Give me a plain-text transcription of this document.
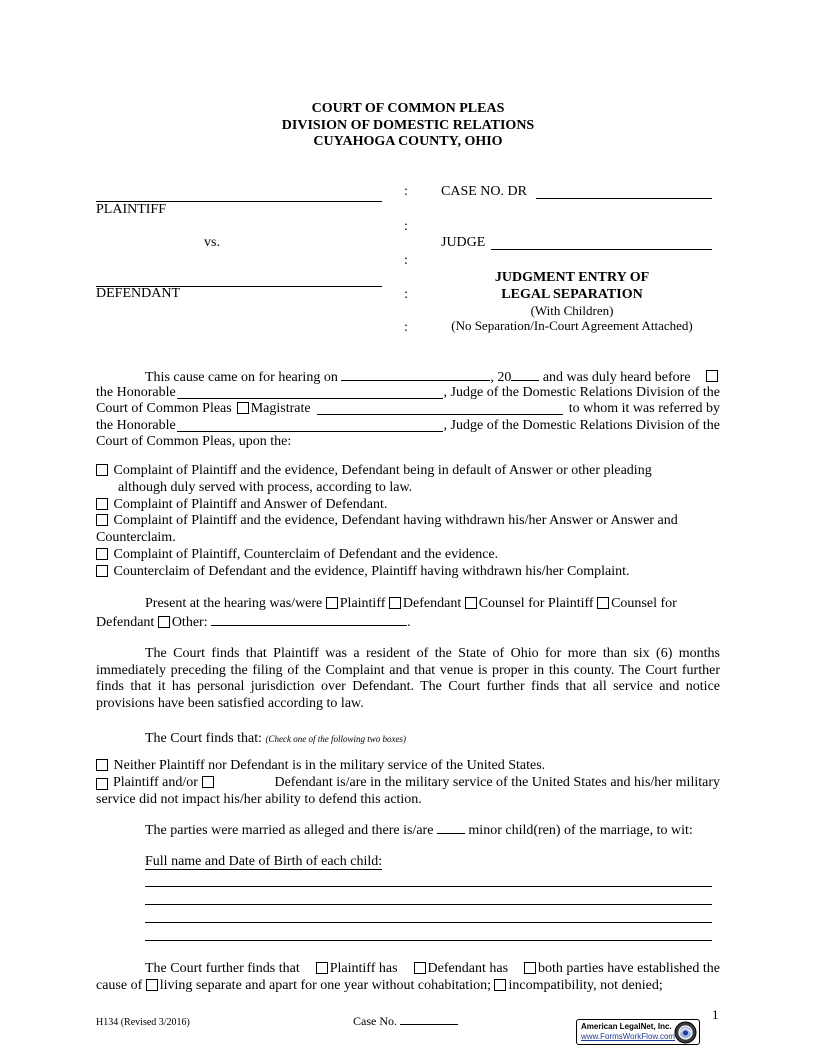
COURT OF COMMON PLEAS
DIVISION OF DOMESTIC RELATIONS
CUYAHOGA COUNTY, OHIO
PLAINTIFF
vs.
DEFENDANT
:
:
:
:
:
CASE NO. DR
JUDGE
JUDGMENT ENTRY OF
LEGAL SEPARATION
(With Children)
(No Separation/In-Court Agreement Attached)
This cause came on for hearing on	, 20 and was duly heard before
the Honorable	, Judge of the Domestic Relations Division of the
Court of Common Pleas Magistrate	to whom it was referred by
the Honorable	, Judge of the Domestic Relations Division of the
Court of Common Pleas, upon the:
Complaint of Plaintiff and the evidence, Defendant being in default of Answer or other pleading
although duly served with process, according to law.
Complaint of Plaintiff and Answer of Defendant.
Complaint of Plaintiff and the evidence, Defendant having withdrawn his/her Answer or Answer and
Counterclaim.
Complaint of Plaintiff, Counterclaim of Defendant and the evidence.
Counterclaim of Defendant and the evidence, Plaintiff having withdrawn his/her Complaint.
Present at the hearing was/were Plaintiff Defendant Counsel for Plaintiff Counsel for
Defendant Other:	.
The Court finds that Plaintiff was a resident of the State of Ohio for more than six (6) months immediately preceding the filing of the Complaint and that venue is proper in this county. The Court further finds that it has personal jurisdiction over Defendant. The Court further finds that all service and notice provisions have been satisfied according to law.
The Court finds that: (Check one of the following two boxes)
Neither Plaintiff nor Defendant is in the military service of the United States.
Plaintiff and/or	Defendant is/are in the military service of the United States and his/her military
service did not impact his/her ability to defend this action.
The parties were married as alleged and there is/are	minor child(ren) of the marriage, to wit:
Full name and Date of Birth of each child:
The Court further finds that	Plaintiff has	Defendant has	both parties have established the
cause of living separate and apart for one year without cohabitation; incompatibility, not denied;
H134 (Revised 3/2016)	Case No.	1
American LegalNet, Inc.
www.FormsWorkFlow.com
